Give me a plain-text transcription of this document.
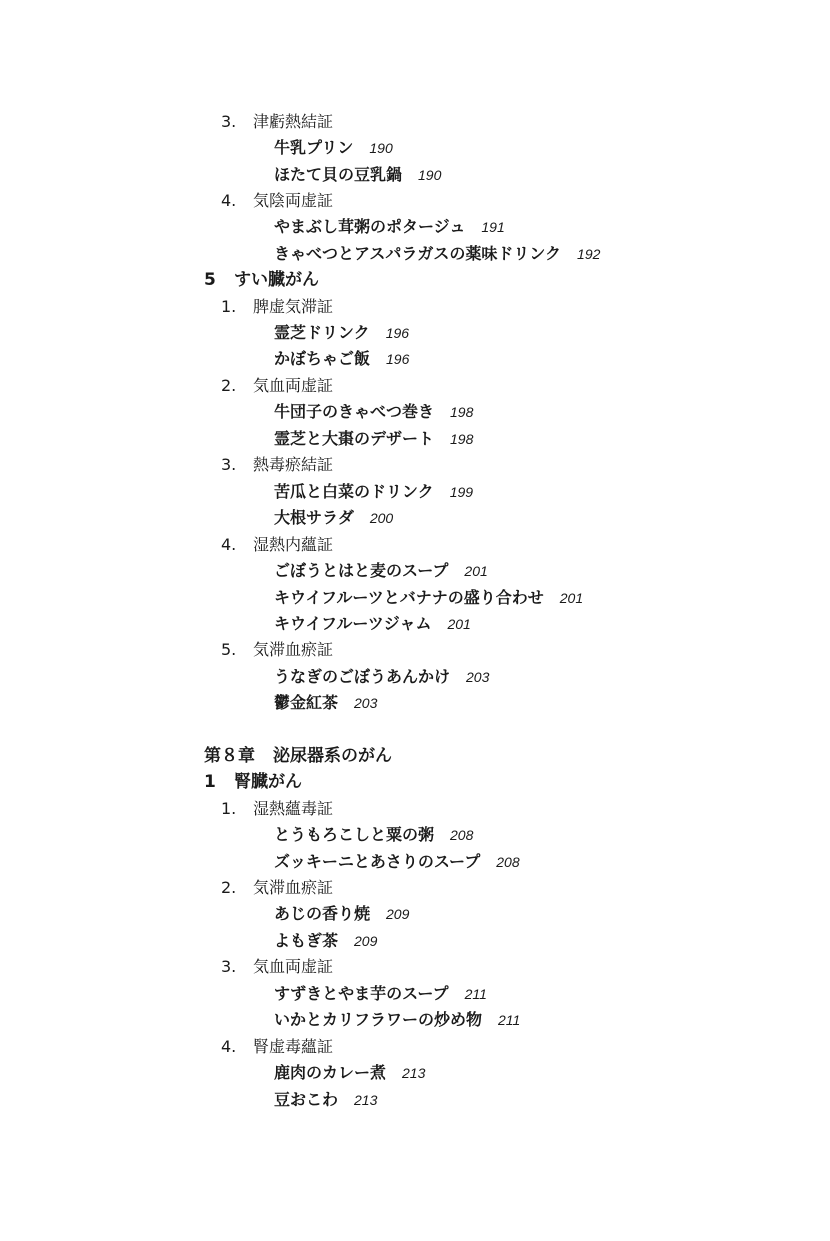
3. 津虧熱結証
牛乳プリン 190
ほたて貝の豆乳鍋 190
4. 気陰両虚証
やまぶし茸粥のポタージュ 191
きゃべつとアスパラガスの薬味ドリンク 192
5 すい臓がん
1. 脾虚気滞証
霊芝ドリンク 196
かぼちゃご飯 196
2. 気血両虚証
牛団子のきゃべつ巻き 198
霊芝と大棗のデザート 198
3. 熱毒瘀結証
苦瓜と白菜のドリンク 199
大根サラダ 200
4. 湿熱内蘊証
ごぼうとはと麦のスープ 201
キウイフルーツとバナナの盛り合わせ 201
キウイフルーツジャム 201
5. 気滞血瘀証
うなぎのごぼうあんかけ 203
鬱金紅茶 203
第８章 泌尿器系のがん
1 腎臓がん
1. 湿熱蘊毒証
とうもろこしと粟の粥 208
ズッキーニとあさりのスープ 208
2. 気滞血瘀証
あじの香り焼 209
よもぎ茶 209
3. 気血両虚証
すずきとやま芋のスープ 211
いかとカリフラワーの炒め物 211
4. 腎虚毒蘊証
鹿肉のカレー煮 213
豆おこわ 213
